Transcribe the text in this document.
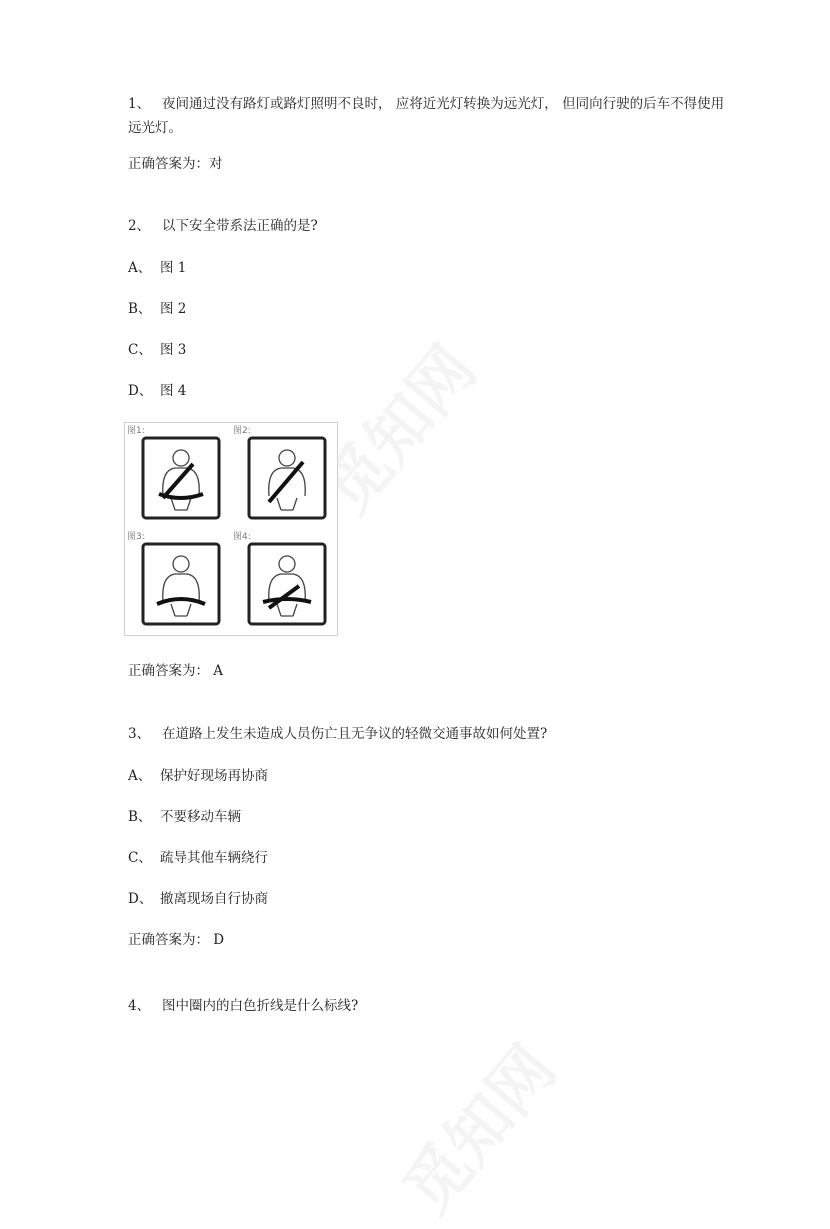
1、 夜间通过没有路灯或路灯照明不良时， 应将近光灯转换为远光灯， 但同向行驶的后车不得使用远光灯。
正确答案为：对
2、 以下安全带系法正确的是?
A、 图 1
B、 图 2
C、 图 3
D、 图 4
图1:	图2:
图3:	图4:
正确答案为： A
3、 在道路上发生未造成人员伤亡且无争议的轻微交通事故如何处置?
A、 保护好现场再协商
B、 不要移动车辆
C、 疏导其他车辆绕行
D、 撤离现场自行协商
正确答案为： D
4、 图中圈内的白色折线是什么标线?
